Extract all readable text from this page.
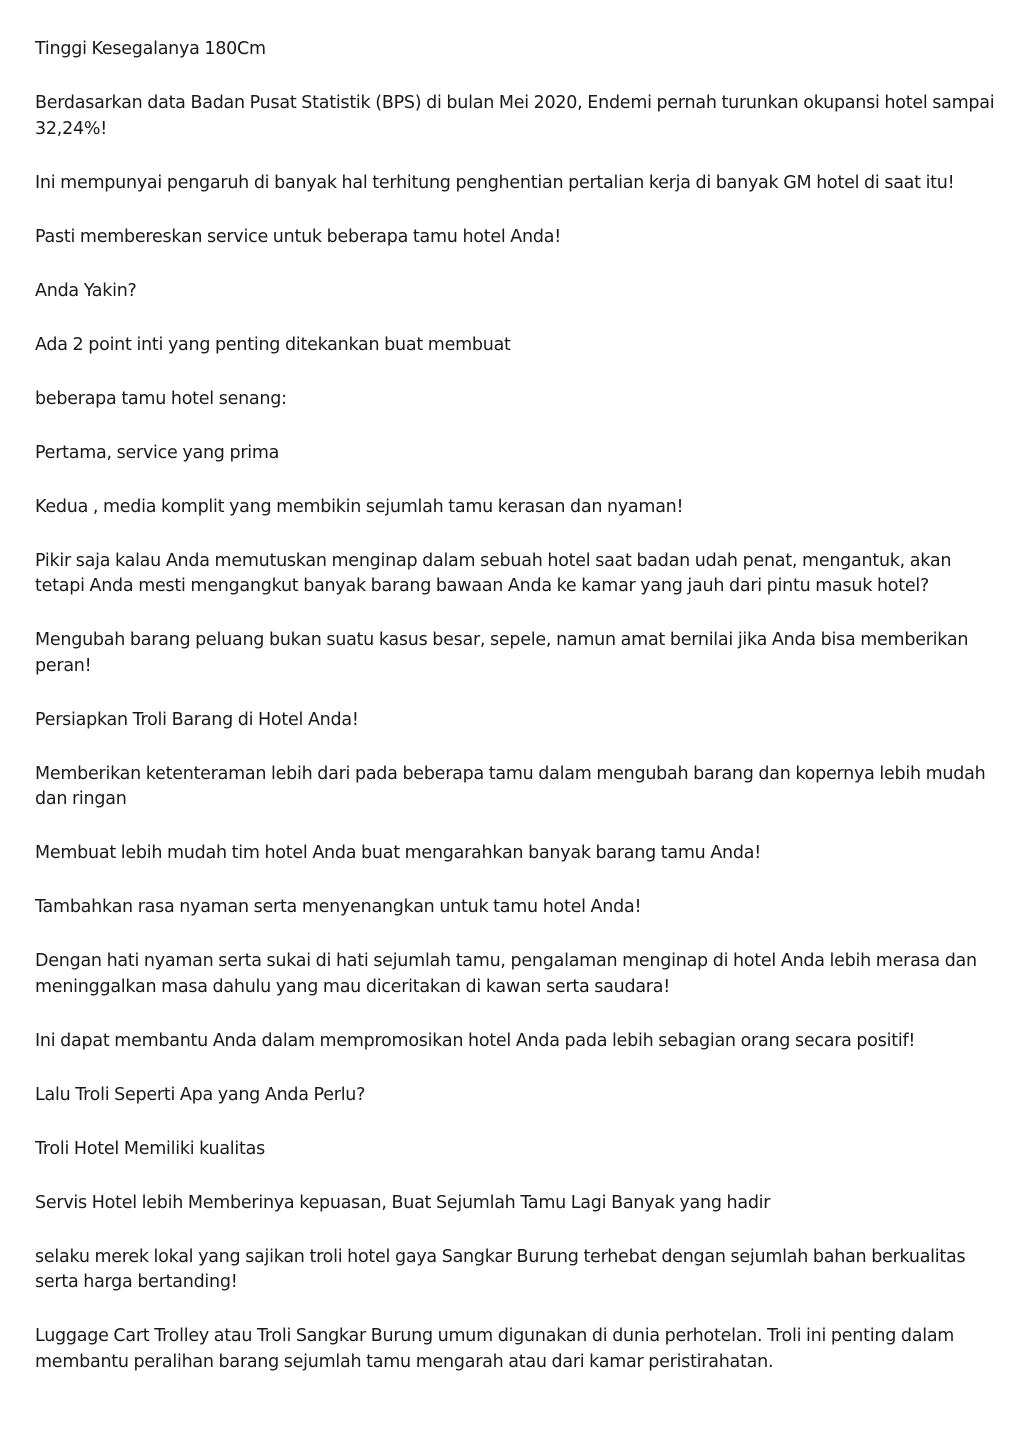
Tinggi Kesegalanya 180Cm

Berdasarkan data Badan Pusat Statistik (BPS) di bulan Mei 2020, Endemi pernah turunkan okupansi hotel sampai 32,24%!

Ini mempunyai pengaruh di banyak hal terhitung penghentian pertalian kerja di banyak GM hotel di saat itu!

Pasti membereskan service untuk beberapa tamu hotel Anda!

Anda Yakin?

Ada 2 point inti yang penting ditekankan buat membuat

beberapa tamu hotel senang:

Pertama, service yang prima

Kedua , media komplit yang membikin sejumlah tamu kerasan dan nyaman!

Pikir saja kalau Anda memutuskan menginap dalam sebuah hotel saat badan udah penat, mengantuk, akan tetapi Anda mesti mengangkut banyak barang bawaan Anda ke kamar yang jauh dari pintu masuk hotel?

Mengubah barang peluang bukan suatu kasus besar, sepele, namun amat bernilai jika Anda bisa memberikan peran!

Persiapkan Troli Barang di Hotel Anda!

Memberikan ketenteraman lebih dari pada beberapa tamu dalam mengubah barang dan kopernya lebih mudah dan ringan

Membuat lebih mudah tim hotel Anda buat mengarahkan banyak barang tamu Anda!

Tambahkan rasa nyaman serta menyenangkan untuk tamu hotel Anda!

Dengan hati nyaman serta sukai di hati sejumlah tamu, pengalaman menginap di hotel Anda lebih merasa dan meninggalkan masa dahulu yang mau diceritakan di kawan serta saudara!

Ini dapat membantu Anda dalam mempromosikan hotel Anda pada lebih sebagian orang secara positif!

Lalu Troli Seperti Apa yang Anda Perlu?

Troli Hotel Memiliki kualitas

Servis Hotel lebih Memberinya kepuasan, Buat Sejumlah Tamu Lagi Banyak yang hadir

selaku merek lokal yang sajikan troli hotel gaya Sangkar Burung terhebat dengan sejumlah bahan berkualitas serta harga bertanding!

Luggage Cart Trolley atau Troli Sangkar Burung umum digunakan di dunia perhotelan. Troli ini penting dalam membantu peralihan barang sejumlah tamu mengarah atau dari kamar peristirahatan.
